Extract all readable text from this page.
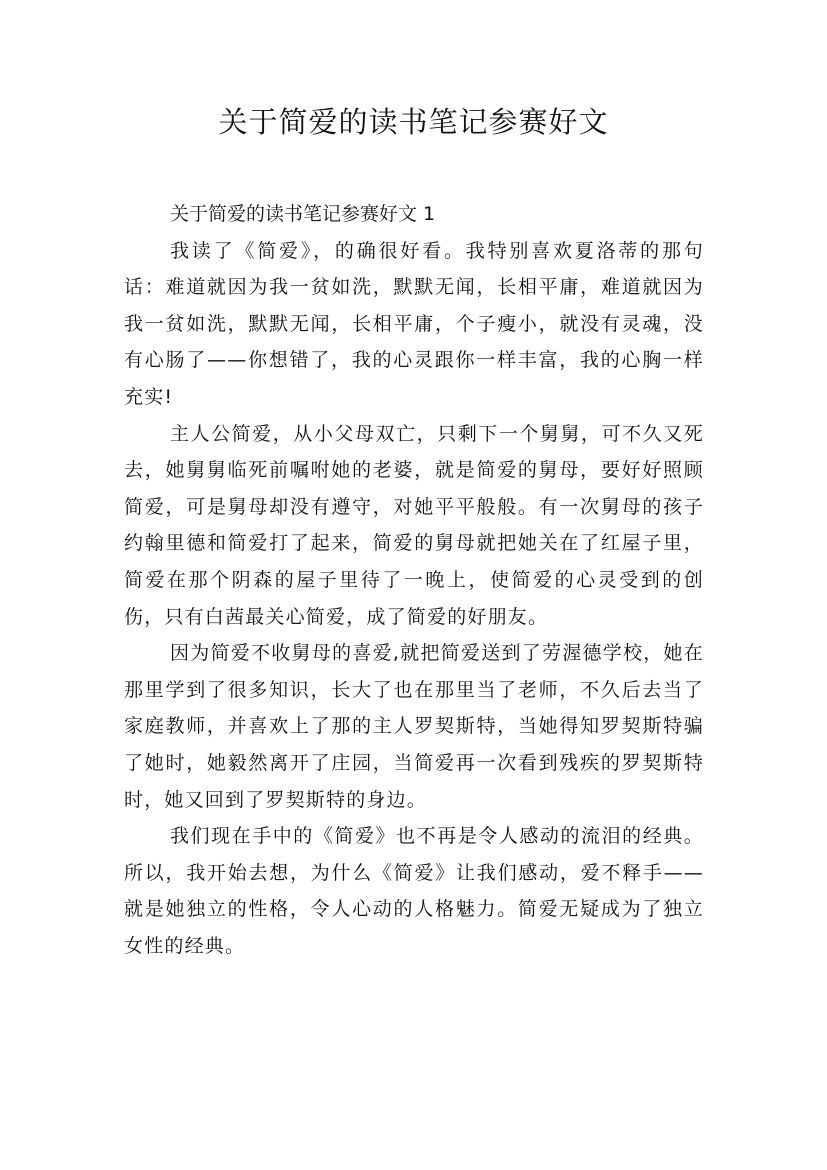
关于简爱的读书笔记参赛好文

关于简爱的读书笔记参赛好文 1

我读了《简爱》，的确很好看。我特别喜欢夏洛蒂的那句话：难道就因为我一贫如洗，默默无闻，长相平庸，难道就因为我一贫如洗，默默无闻，长相平庸，个子瘦小，就没有灵魂，没有心肠了——你想错了，我的心灵跟你一样丰富，我的心胸一样充实!

主人公简爱，从小父母双亡，只剩下一个舅舅，可不久又死去，她舅舅临死前嘱咐她的老婆，就是简爱的舅母，要好好照顾简爱，可是舅母却没有遵守，对她平平般般。有一次舅母的孩子约翰里德和简爱打了起来，简爱的舅母就把她关在了红屋子里，简爱在那个阴森的屋子里待了一晚上，使简爱的心灵受到的创伤，只有白茜最关心简爱，成了简爱的好朋友。

因为简爱不收舅母的喜爱,就把简爱送到了劳渥德学校，她在那里学到了很多知识，长大了也在那里当了老师，不久后去当了家庭教师，并喜欢上了那的主人罗契斯特，当她得知罗契斯特骗了她时，她毅然离开了庄园，当简爱再一次看到残疾的罗契斯特时，她又回到了罗契斯特的身边。

我们现在手中的《简爱》也不再是令人感动的流泪的经典。所以，我开始去想，为什么《简爱》让我们感动，爱不释手——就是她独立的性格，令人心动的人格魅力。简爱无疑成为了独立女性的经典。
